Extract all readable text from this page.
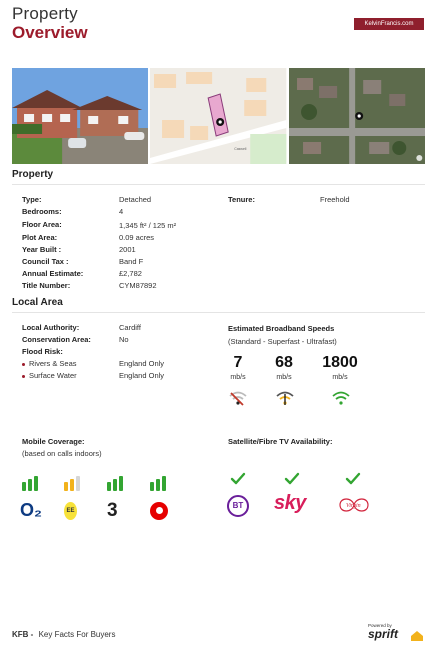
Property
Overview	KelvinFrancis.com
Caswell
Property
Type:	Detached
Bedrooms:	4
Floor Area:	1,345 ft² / 125 m²
Plot Area:	0.09 acres
Year Built :	2001
Council Tax :	Band F
Annual Estimate:	£2,782
Title Number:	CYM87892
Tenure:	Freehold
Local Area
Local Authority:	Cardiff
Conservation Area:	No
Flood Risk:
Rivers & Seas	England Only
Surface Water	England Only
Estimated Broadband Speeds
(Standard - Superfast - Ultrafast)
7
mb/s
68
mb/s
1800
mb/s
Mobile Coverage:
(based on calls indoors)
O₂	EE 3
Satellite/Fibre TV Availability:
BT sky	Virgin
KFB - Key Facts For Buyers
Powered by
sprift
